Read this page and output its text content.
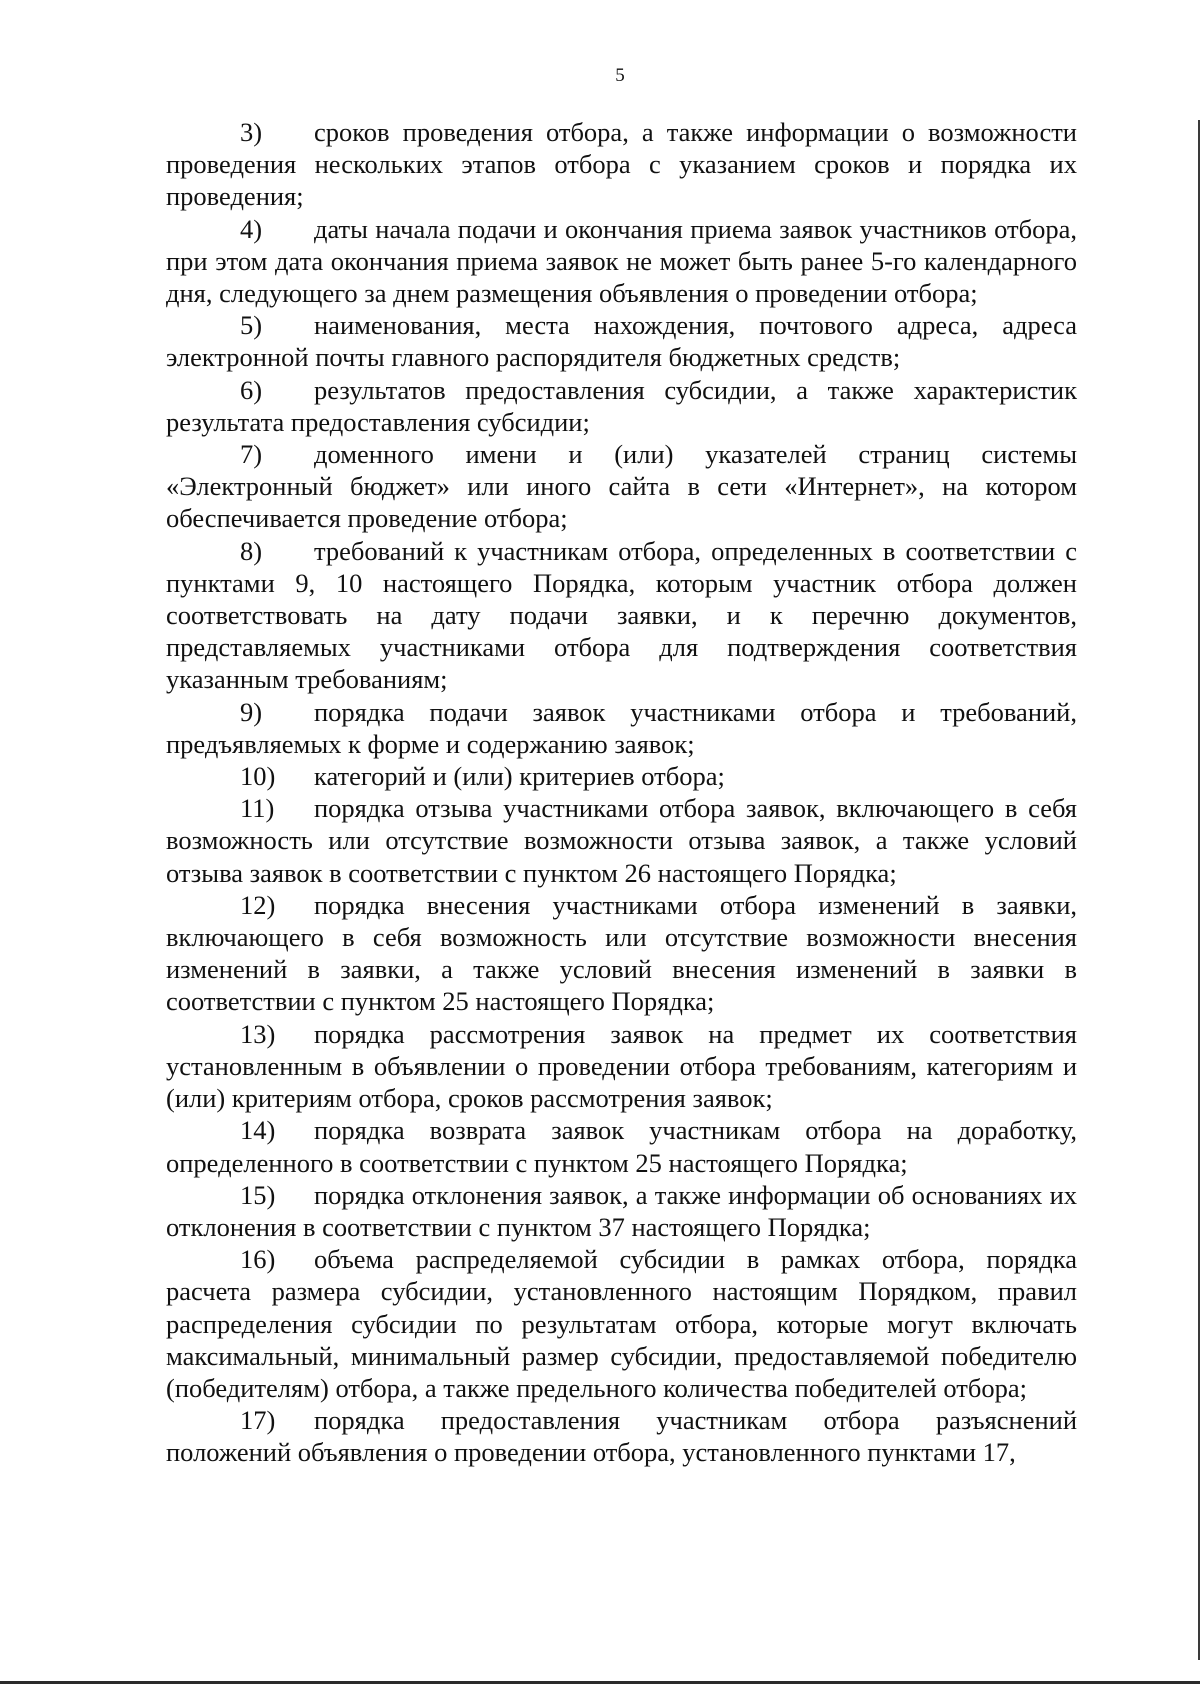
5

3) сроков проведения отбора, а также информации о возможности проведения нескольких этапов отбора с указанием сроков и порядка их проведения;

4) даты начала подачи и окончания приема заявок участников отбора, при этом дата окончания приема заявок не может быть ранее 5-го календарного дня, следующего за днем размещения объявления о проведении отбора;

5) наименования, места нахождения, почтового адреса, адреса электронной почты главного распорядителя бюджетных средств;

6) результатов предоставления субсидии, а также характеристик результата предоставления субсидии;

7) доменного имени и (или) указателей страниц системы «Электронный бюджет» или иного сайта в сети «Интернет», на котором обеспечивается проведение отбора;

8) требований к участникам отбора, определенных в соответствии с пунктами 9, 10 настоящего Порядка, которым участник отбора должен соответствовать на дату подачи заявки, и к перечню документов, представляемых участниками отбора для подтверждения соответствия указанным требованиям;

9) порядка подачи заявок участниками отбора и требований, предъявляемых к форме и содержанию заявок;

10) категорий и (или) критериев отбора;

11) порядка отзыва участниками отбора заявок, включающего в себя возможность или отсутствие возможности отзыва заявок, а также условий отзыва заявок в соответствии с пунктом 26 настоящего Порядка;

12) порядка внесения участниками отбора изменений в заявки, включающего в себя возможность или отсутствие возможности внесения изменений в заявки, а также условий внесения изменений в заявки в соответствии с пунктом 25 настоящего Порядка;

13) порядка рассмотрения заявок на предмет их соответствия установленным в объявлении о проведении отбора требованиям, категориям и (или) критериям отбора, сроков рассмотрения заявок;

14) порядка возврата заявок участникам отбора на доработку, определенного в соответствии с пунктом 25 настоящего Порядка;

15) порядка отклонения заявок, а также информации об основаниях их отклонения в соответствии с пунктом 37 настоящего Порядка;

16) объема распределяемой субсидии в рамках отбора, порядка расчета размера субсидии, установленного настоящим Порядком, правил распределения субсидии по результатам отбора, которые могут включать максимальный, минимальный размер субсидии, предоставляемой победителю (победителям) отбора, а также предельного количества победителей отбора;

17) порядка предоставления участникам отбора разъяснений положений объявления о проведении отбора, установленного пунктами 17,
